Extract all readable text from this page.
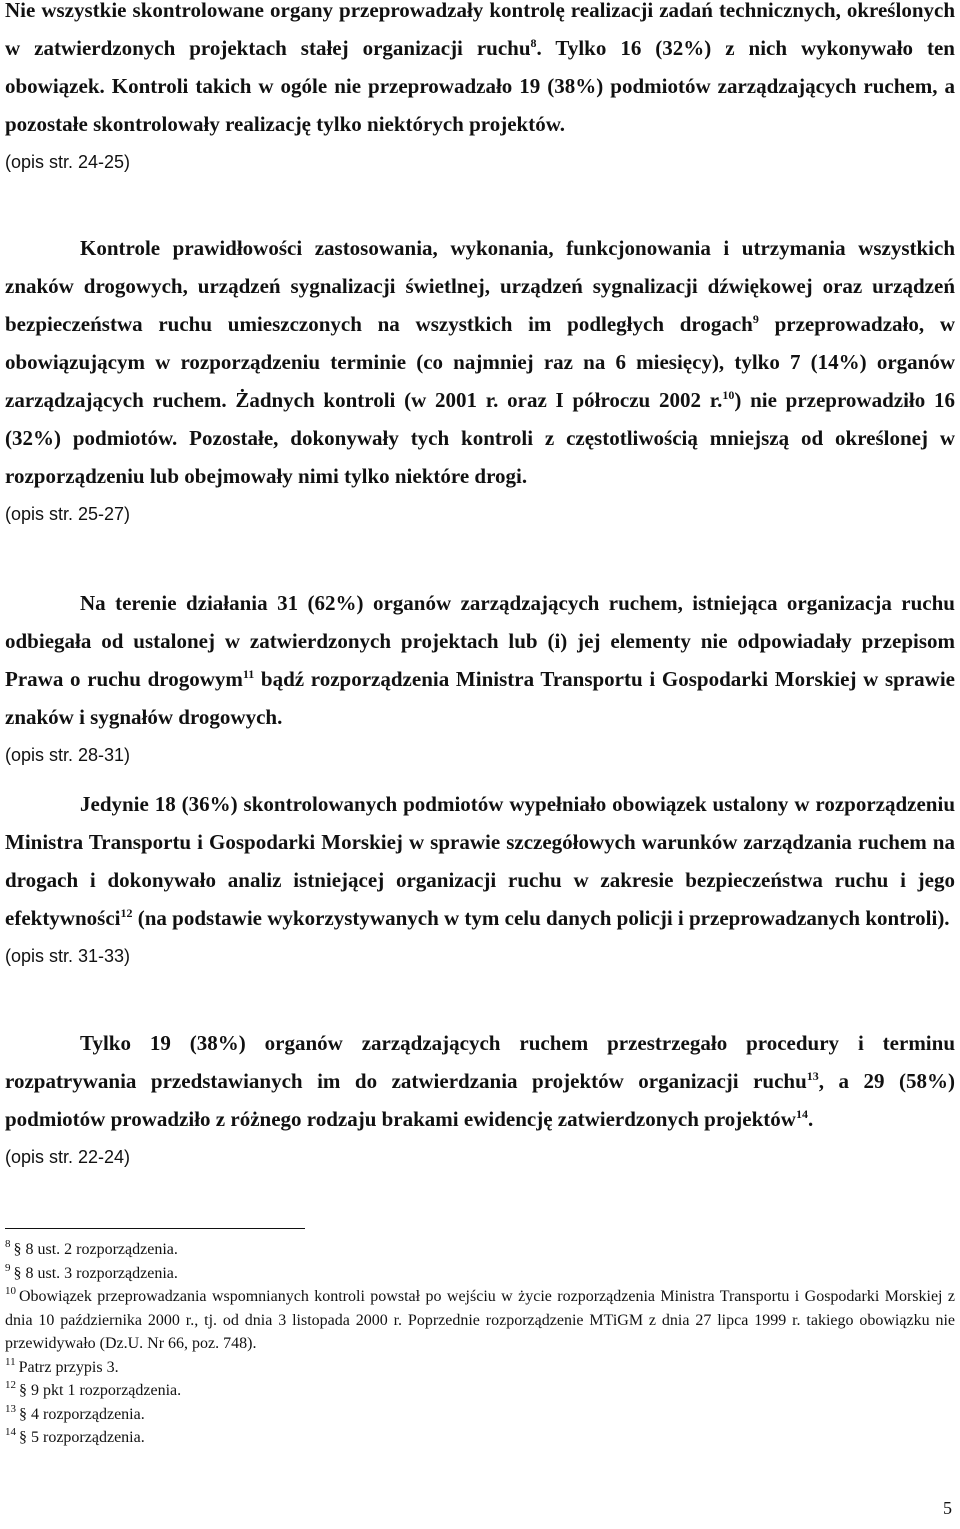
Nie wszystkie skontrolowane organy przeprowadzały kontrolę realizacji zadań technicznych, określonych w zatwierdzonych projektach stałej organizacji ruchu$^8$. Tylko 16 (32%) z nich wykonywało ten obowiązek. Kontroli takich w ogóle nie przeprowadzało 19 (38%) podmiotów zarządzających ruchem, a pozostałe skontrolowały realizację tylko niektórych projektów.
(opis str. 24-25)

Kontrole prawidłowości zastosowania, wykonania, funkcjonowania i utrzymania wszystkich znaków drogowych, urządzeń sygnalizacji świetlnej, urządzeń sygnalizacji dźwiękowej oraz urządzeń bezpieczeństwa ruchu umieszczonych na wszystkich im podległych drogach$^9$ przeprowadzało, w obowiązującym w rozporządzeniu terminie (co najmniej raz na 6 miesięcy), tylko 7 (14%) organów zarządzających ruchem. Żadnych kontroli (w 2001 r. oraz I półroczu 2002 r.$^{10}$) nie przeprowadziło 16 (32%) podmiotów. Pozostałe, dokonywały tych kontroli z częstotliwością mniejszą od określonej w rozporządzeniu lub obejmowały nimi tylko niektóre drogi.
(opis str. 25-27)

Na terenie działania 31 (62%) organów zarządzających ruchem, istniejąca organizacja ruchu odbiegała od ustalonej w zatwierdzonych projektach lub (i) jej elementy nie odpowiadały przepisom Prawa o ruchu drogowym$^{11}$ bądź rozporządzenia Ministra Transportu i Gospodarki Morskiej w sprawie znaków i sygnałów drogowych.
(opis str. 28-31)

Jedynie 18 (36%) skontrolowanych podmiotów wypełniało obowiązek ustalony w rozporządzeniu Ministra Transportu i Gospodarki Morskiej w sprawie szczegółowych warunków zarządzania ruchem na drogach i dokonywało analiz istniejącej organizacji ruchu w zakresie bezpieczeństwa ruchu i jego efektywności$^{12}$ (na podstawie wykorzystywanych w tym celu danych policji i przeprowadzanych kontroli).
(opis str. 31-33)

Tylko 19 (38%) organów zarządzających ruchem przestrzegało procedury i terminu rozpatrywania przedstawianych im do zatwierdzania projektów organizacji ruchu$^{13}$, a 29 (58%) podmiotów prowadziło z różnego rodzaju brakami ewidencję zatwierdzonych projektów$^{14}$.
(opis str. 22-24)

$^8$ § 8 ust. 2 rozporządzenia.

$^9$ § 8 ust. 3 rozporządzenia.

$^{10}$ Obowiązek przeprowadzania wspomnianych kontroli powstał po wejściu w życie rozporządzenia Ministra Transportu i Gospodarki Morskiej z dnia 10 października 2000 r., tj. od dnia 3 listopada 2000 r. Poprzednie rozporządzenie MTiGM z dnia 27 lipca 1999 r. takiego obowiązku nie przewidywało (Dz.U. Nr 66, poz. 748).

$^{11}$ Patrz przypis 3.

$^{12}$ § 9 pkt 1 rozporządzenia.

$^{13}$ § 4 rozporządzenia.

$^{14}$ § 5 rozporządzenia.

5
